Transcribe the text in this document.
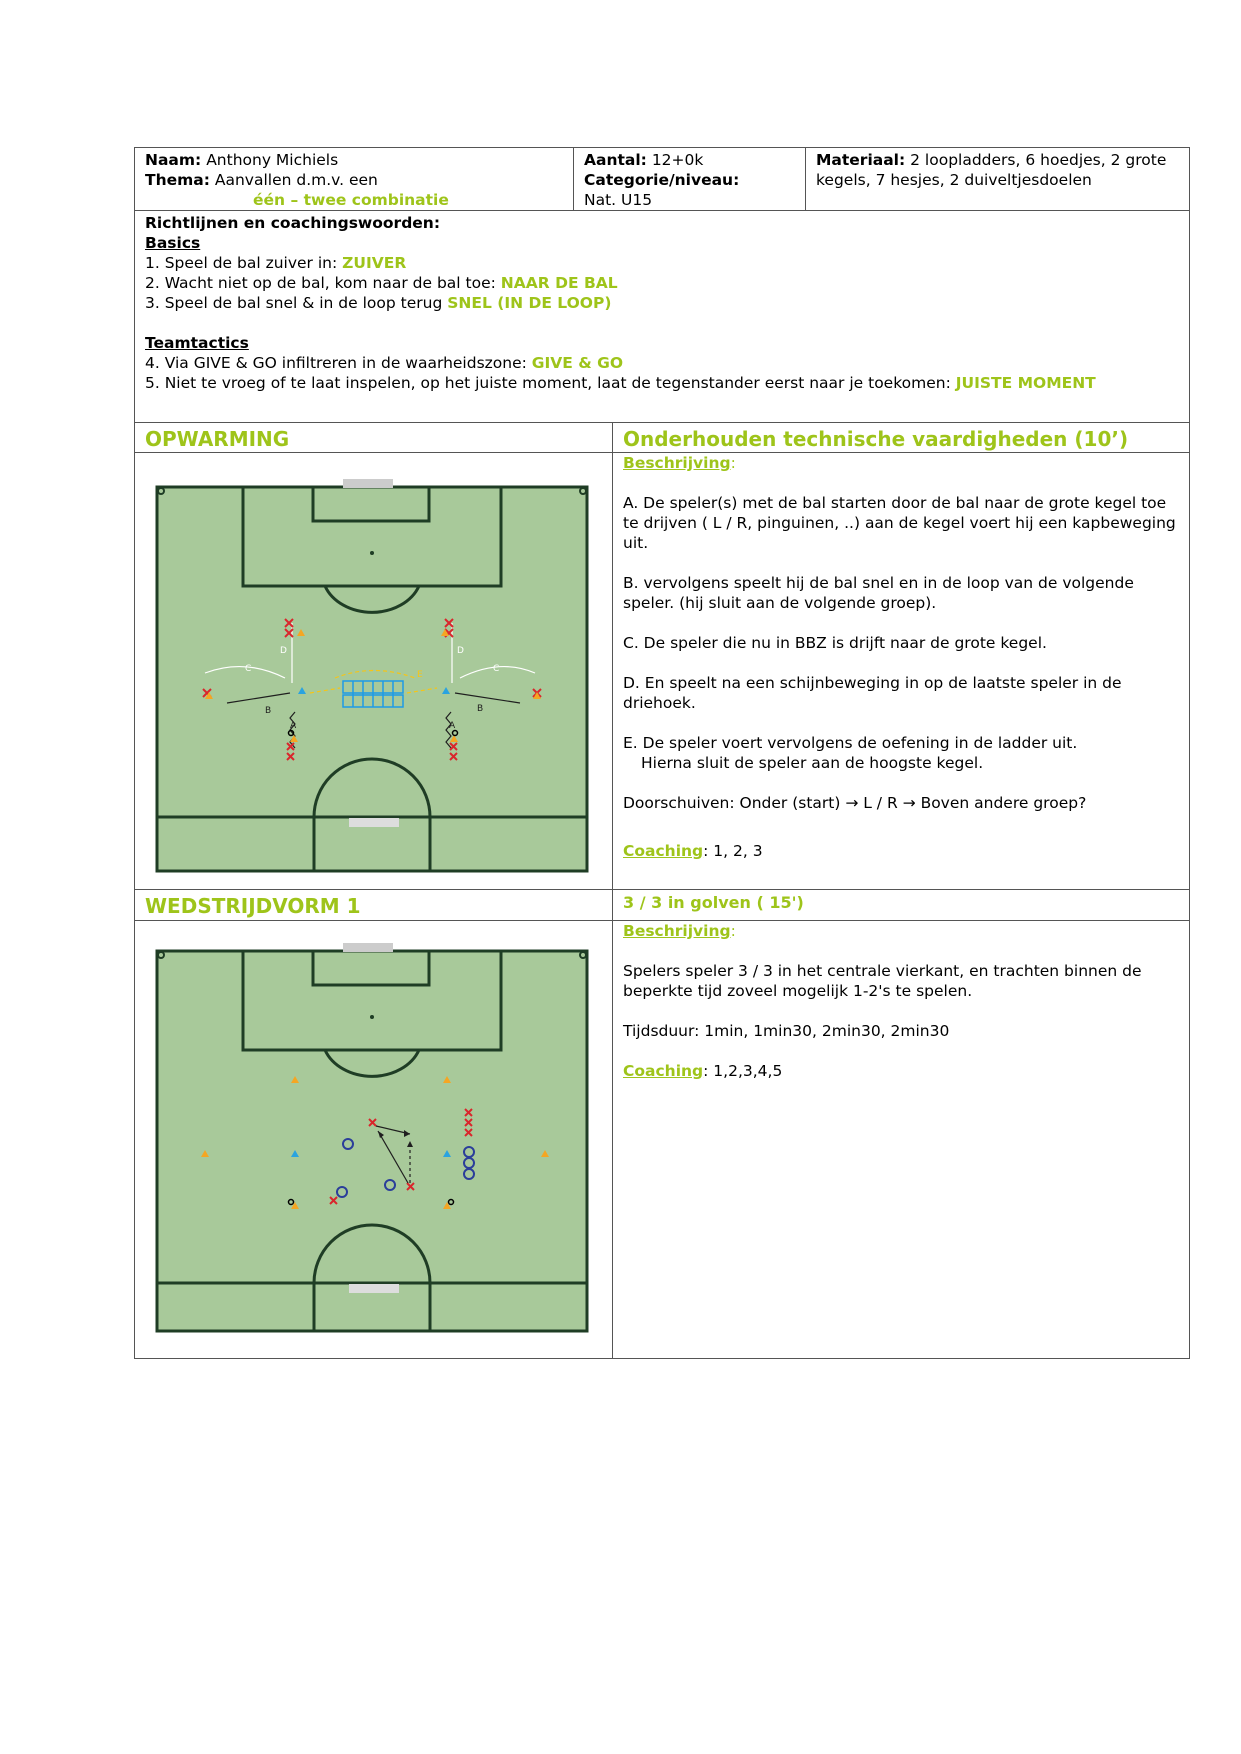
Naam: Anthony Michiels

Thema: Aanvallen d.m.v. een

één – twee combinatie

Aantal: 12+0k

Categorie/niveau:

Nat. U15

Materiaal: 2 loopladders, 6 hoedjes, 2 grote kegels, 7 hesjes, 2 duiveltjesdoelen

Richtlijnen en coachingswoorden:

Basics

1. Speel de bal zuiver in: ZUIVER

2. Wacht niet op de bal, kom naar de bal toe: NAAR DE BAL

3. Speel de bal snel & in de loop terug SNEL (IN DE LOOP)

Teamtactics

4. Via GIVE & GO infiltreren in de waarheidszone: GIVE & GO

5. Niet te vroeg of te laat inspelen, op het juiste moment, laat de tegenstander eerst naar je toekomen: JUISTE MOMENT

OPWARMING	Onderhouden technische vaardigheden (10’)
A	A
B	B
C	C
D	D
E

Beschrijving:

A. De speler(s) met de bal starten door de bal naar de grote kegel toe te drijven ( L / R, pinguinen, ..) aan de kegel voert hij een kapbeweging uit.

B. vervolgens speelt hij de bal snel en in de loop van de volgende speler. (hij sluit aan de volgende groep).

C. De speler die nu in BBZ is drijft naar de grote kegel.

D. En speelt na een schijnbeweging in op de laatste speler in de driehoek.

E. De speler voert vervolgens de oefening in de ladder uit.

Hierna sluit de speler aan de hoogste kegel.

Doorschuiven: Onder (start) → L / R → Boven andere groep?

Coaching: 1, 2, 3

WEDSTRIJDVORM 1	3 / 3 in golven ( 15')

Beschrijving:

Spelers speler 3 / 3 in het centrale vierkant, en trachten binnen de beperkte tijd zoveel mogelijk 1-2's te spelen.

Tijdsduur: 1min, 1min30, 2min30, 2min30

Coaching: 1,2,3,4,5
